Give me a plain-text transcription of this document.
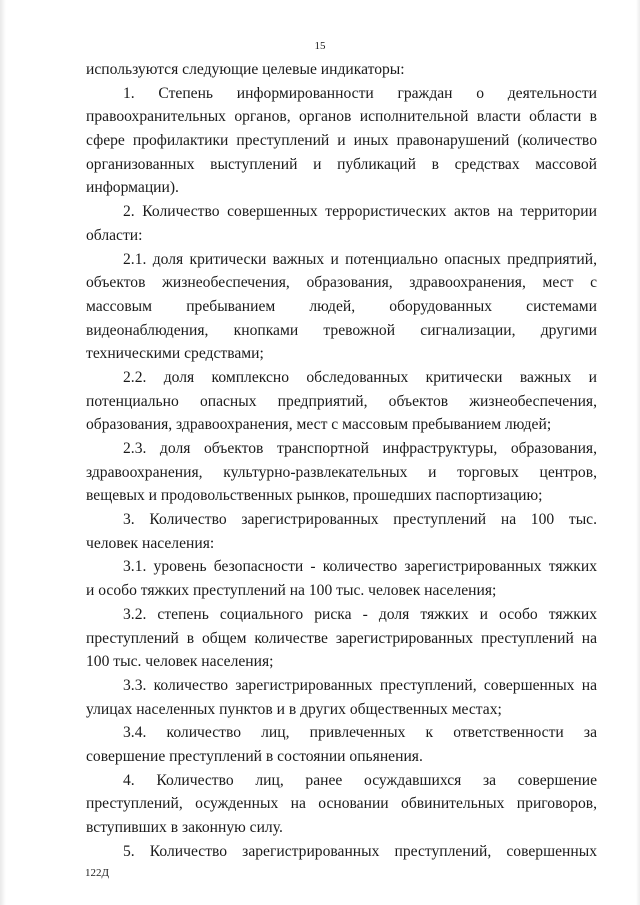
15
используются следующие целевые индикаторы:
1. Степень информированности граждан о деятельности
правоохранительных органов, органов исполнительной власти области в
сфере профилактики преступлений и иных правонарушений (количество
организованных выступлений и публикаций в средствах массовой
информации).
2. Количество совершенных террористических актов на территории
области:
2.1. доля критически важных и потенциально опасных предприятий,
объектов жизнеобеспечения, образования, здравоохранения, мест с
массовым пребыванием людей, оборудованных системами
видеонаблюдения, кнопками тревожной сигнализации, другими
техническими средствами;
2.2. доля комплексно обследованных критически важных и
потенциально опасных предприятий, объектов жизнеобеспечения,
образования, здравоохранения, мест с массовым пребыванием людей;
2.3. доля объектов транспортной инфраструктуры, образования,
здравоохранения, культурно-развлекательных и торговых центров,
вещевых и продовольственных рынков, прошедших паспортизацию;
3. Количество зарегистрированных преступлений на 100 тыс.
человек населения:
3.1. уровень безопасности - количество зарегистрированных тяжких
и особо тяжких преступлений на 100 тыс. человек населения;
3.2. степень социального риска - доля тяжких и особо тяжких
преступлений в общем количестве зарегистрированных преступлений на
100 тыс. человек населения;
3.3. количество зарегистрированных преступлений, совершенных на
улицах населенных пунктов и в других общественных местах;
3.4. количество лиц, привлеченных к ответственности за
совершение преступлений в состоянии опьянения.
4. Количество лиц, ранее осуждавшихся за совершение
преступлений, осужденных на основании обвинительных приговоров,
вступивших в законную силу.
5. Количество зарегистрированных преступлений, совершенных
122Д
